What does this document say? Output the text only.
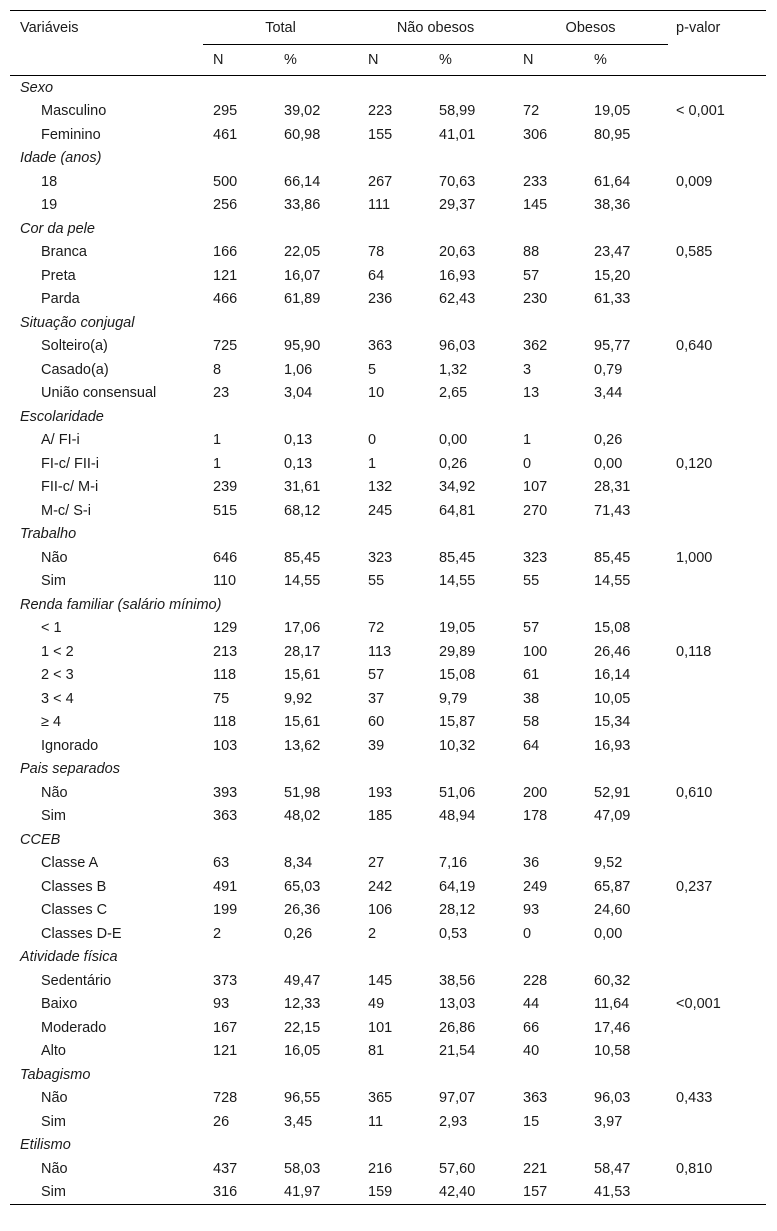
Variáveis	Total		Não obesos		Obesos		p-valor
	N	%	N	%	N	%	
Sexo							
Masculino	295	39,02	223	58,99	72	19,05	< 0,001
Feminino	461	60,98	155	41,01	306	80,95	
Idade (anos)							
18	500	66,14	267	70,63	233	61,64	0,009
19	256	33,86	111	29,37	145	38,36	
Cor da pele							
Branca	166	22,05	78	20,63	88	23,47	0,585
Preta	121	16,07	64	16,93	57	15,20	
Parda	466	61,89	236	62,43	230	61,33	
Situação conjugal							
Solteiro(a)	725	95,90	363	96,03	362	95,77	0,640
Casado(a)	8	1,06	5	1,32	3	0,79	
União consensual	23	3,04	10	2,65	13	3,44	
Escolaridade							
A/ FI-i	1	0,13	0	0,00	1	0,26	
FI-c/ FII-i	1	0,13	1	0,26	0	0,00	0,120
FII-c/ M-i	239	31,61	132	34,92	107	28,31	
M-c/ S-i	515	68,12	245	64,81	270	71,43	
Trabalho							
Não	646	85,45	323	85,45	323	85,45	1,000
Sim	110	14,55	55	14,55	55	14,55	
Renda familiar (salário mínimo)							
< 1	129	17,06	72	19,05	57	15,08	
1 < 2	213	28,17	113	29,89	100	26,46	0,118
2 < 3	118	15,61	57	15,08	61	16,14	
3 < 4	75	9,92	37	9,79	38	10,05	
≥ 4	118	15,61	60	15,87	58	15,34	
Ignorado	103	13,62	39	10,32	64	16,93	
Pais separados							
Não	393	51,98	193	51,06	200	52,91	0,610
Sim	363	48,02	185	48,94	178	47,09	
CCEB							
Classe A	63	8,34	27	7,16	36	9,52	
Classes B	491	65,03	242	64,19	249	65,87	0,237
Classes C	199	26,36	106	28,12	93	24,60	
Classes D-E	2	0,26	2	0,53	0	0,00	
Atividade física							
Sedentário	373	49,47	145	38,56	228	60,32	
Baixo	93	12,33	49	13,03	44	11,64	<0,001
Moderado	167	22,15	101	26,86	66	17,46	
Alto	121	16,05	81	21,54	40	10,58	
Tabagismo							
Não	728	96,55	365	97,07	363	96,03	0,433
Sim	26	3,45	11	2,93	15	3,97	
Etilismo							
Não	437	58,03	216	57,60	221	58,47	0,810
Sim	316	41,97	159	42,40	157	41,53	
